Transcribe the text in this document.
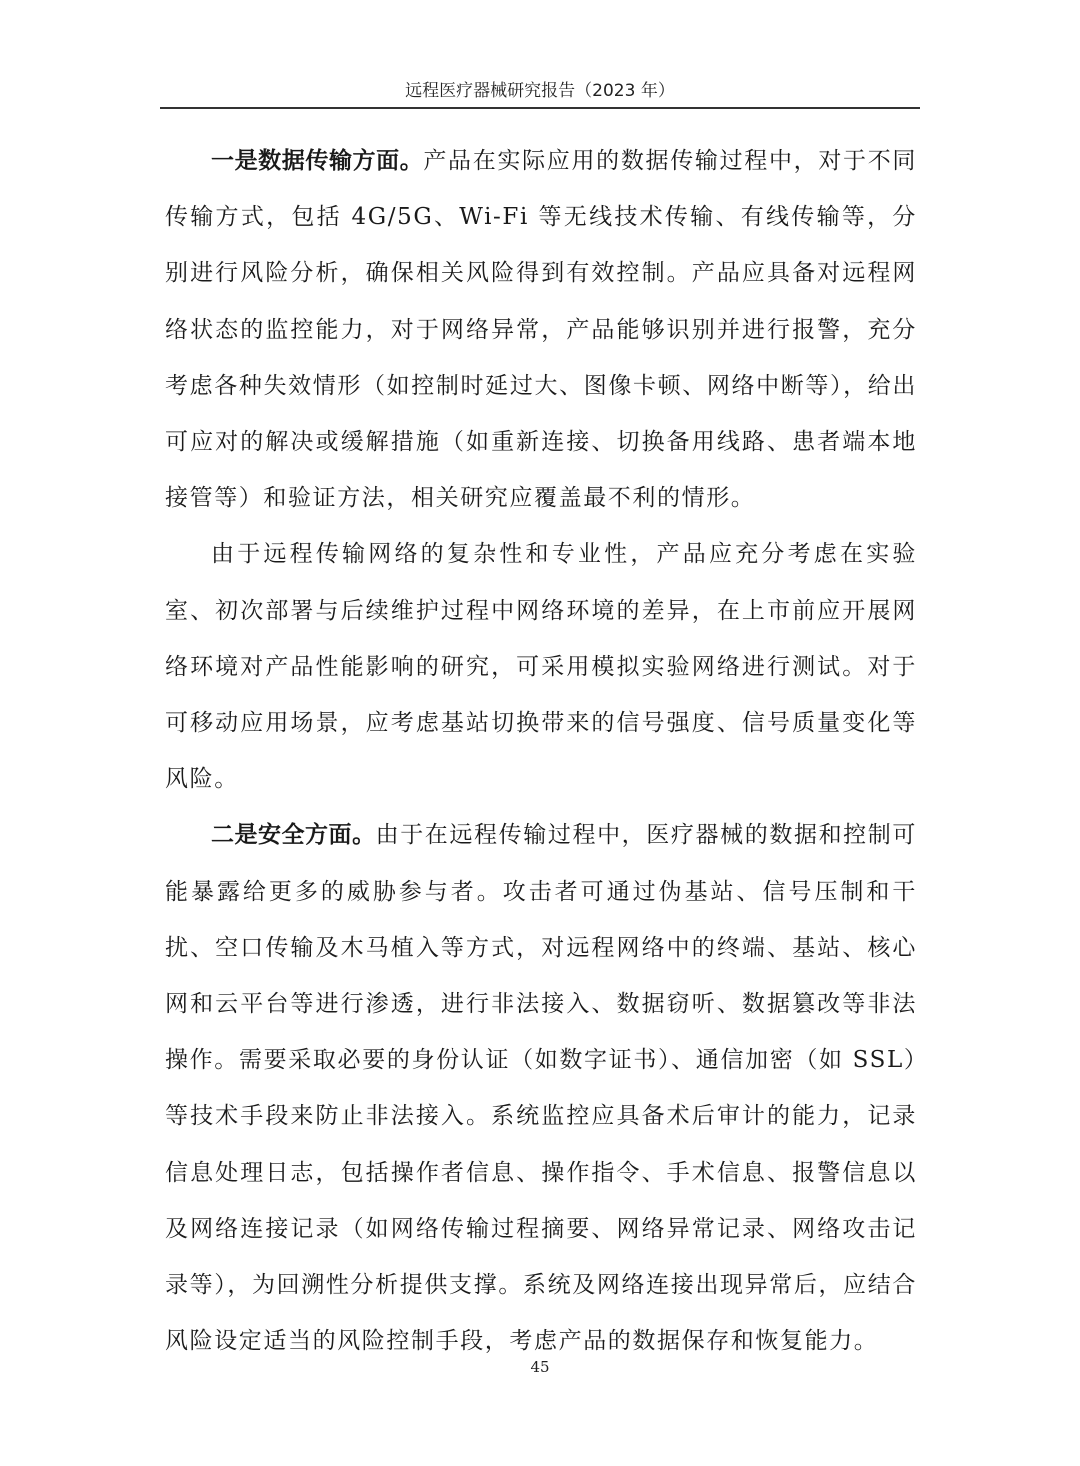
远程医疗器械研究报告（2023 年）

一是数据传输方面。产品在实际应用的数据传输过程中，对于不同传输方式，包括 4G/5G、Wi-Fi 等无线技术传输、有线传输等，分别进行风险分析，确保相关风险得到有效控制。产品应具备对远程网络状态的监控能力，对于网络异常，产品能够识别并进行报警，充分考虑各种失效情形（如控制时延过大、图像卡顿、网络中断等），给出可应对的解决或缓解措施（如重新连接、切换备用线路、患者端本地接管等）和验证方法，相关研究应覆盖最不利的情形。

由于远程传输网络的复杂性和专业性，产品应充分考虑在实验室、初次部署与后续维护过程中网络环境的差异，在上市前应开展网络环境对产品性能影响的研究，可采用模拟实验网络进行测试。对于可移动应用场景，应考虑基站切换带来的信号强度、信号质量变化等风险。

二是安全方面。由于在远程传输过程中，医疗器械的数据和控制可能暴露给更多的威胁参与者。攻击者可通过伪基站、信号压制和干扰、空口传输及木马植入等方式，对远程网络中的终端、基站、核心网和云平台等进行渗透，进行非法接入、数据窃听、数据篡改等非法操作。需要采取必要的身份认证（如数字证书）、通信加密（如 SSL）等技术手段来防止非法接入。系统监控应具备术后审计的能力，记录信息处理日志，包括操作者信息、操作指令、手术信息、报警信息以及网络连接记录（如网络传输过程摘要、网络异常记录、网络攻击记录等），为回溯性分析提供支撑。系统及网络连接出现异常后，应结合风险设定适当的风险控制手段，考虑产品的数据保存和恢复能力。

45
